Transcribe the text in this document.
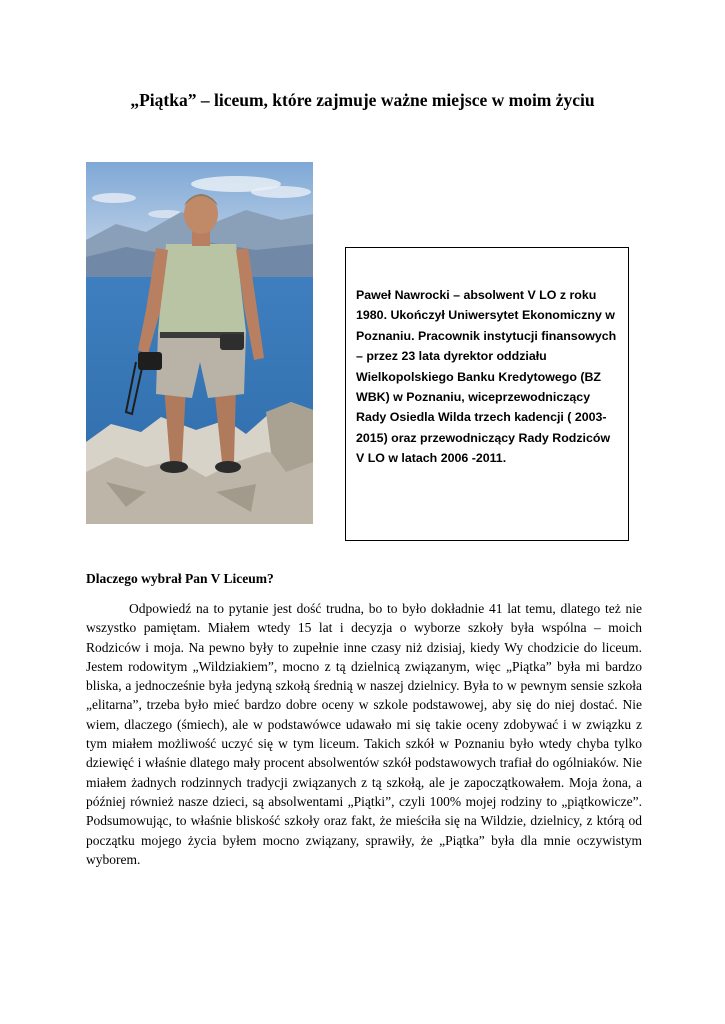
„Piątka” – liceum, które zajmuje ważne miejsce w moim życiu

Paweł Nawrocki – absolwent V LO z roku 1980. Ukończył Uniwersytet Ekonomiczny w Poznaniu. Pracownik instytucji finansowych – przez 23 lata dyrektor oddziału Wielkopolskiego Banku Kredytowego (BZ WBK) w Poznaniu, wiceprzewodniczący Rady Osiedla Wilda trzech kadencji ( 2003- 2015) oraz przewodniczący Rady Rodziców V LO w latach 2006 -2011.

Dlaczego wybrał Pan V Liceum?

Odpowiedź na to pytanie jest dość trudna, bo to było dokładnie 41 lat temu, dlatego też nie wszystko pamiętam. Miałem wtedy 15 lat i decyzja o wyborze szkoły była wspólna – moich Rodziców i moja. Na pewno były to zupełnie inne czasy niż dzisiaj, kiedy Wy chodzicie do liceum. Jestem rodowitym „Wildziakiem”, mocno z tą dzielnicą związanym, więc „Piątka” była mi bardzo bliska, a jednocześnie była jedyną szkołą średnią w naszej dzielnicy. Była to w pewnym sensie szkoła „elitarna”, trzeba było mieć bardzo dobre oceny w szkole podstawowej, aby się do niej dostać. Nie wiem, dlaczego (śmiech), ale w podstawówce udawało mi się takie oceny zdobywać i w związku z tym miałem możliwość uczyć się w tym liceum. Takich szkół w Poznaniu było wtedy chyba tylko dziewięć i właśnie dlatego mały procent absolwentów szkół podstawowych trafiał do ogólniaków. Nie miałem żadnych rodzinnych tradycji związanych z tą szkołą, ale je zapoczątkowałem. Moja żona, a później również nasze dzieci, są absolwentami „Piątki”, czyli 100% mojej rodziny to „piątkowicze”. Podsumowując, to właśnie bliskość szkoły oraz fakt, że mieściła się na Wildzie, dzielnicy, z którą od początku mojego życia byłem mocno związany, sprawiły, że „Piątka” była dla mnie oczywistym wyborem.
